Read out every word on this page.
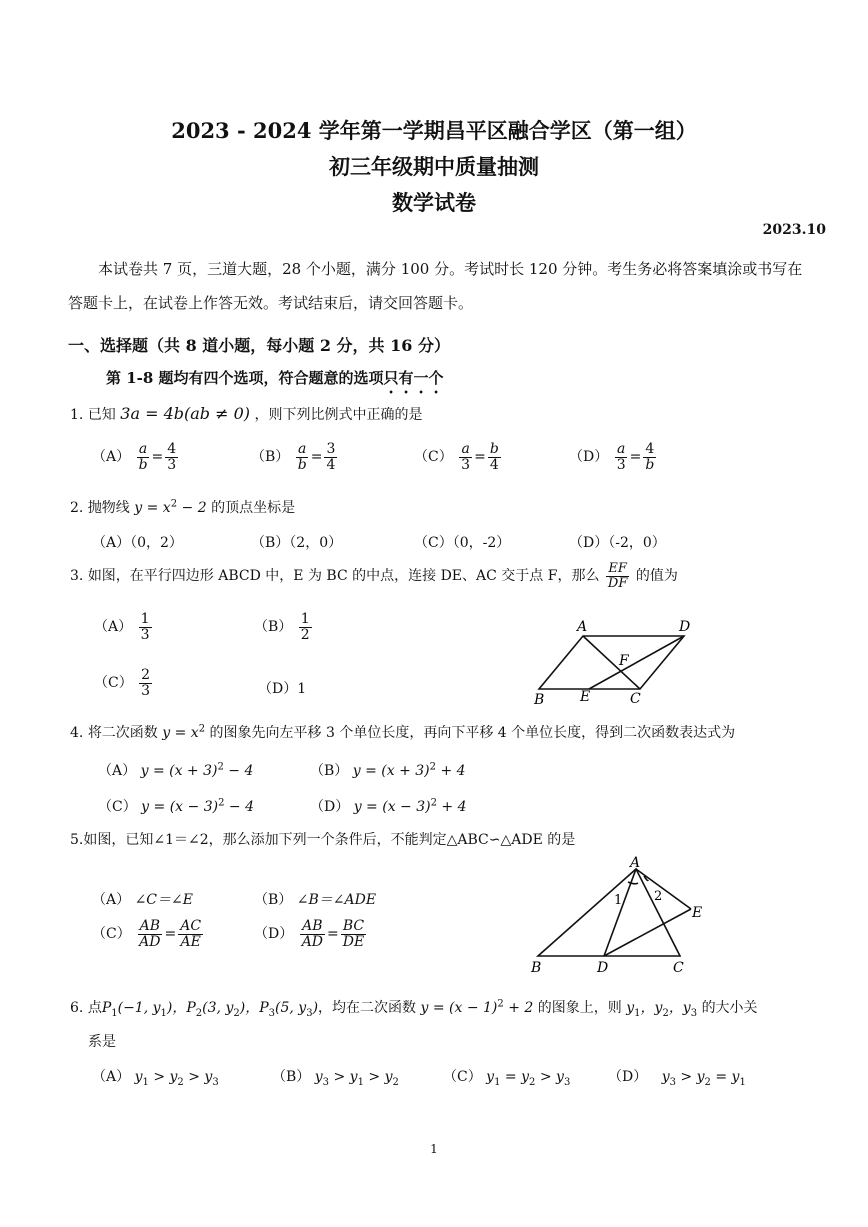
2023 - 2024 学年第一学期昌平区融合学区（第一组）
初三年级期中质量抽测
数学试卷
2023.10
本试卷共 7 页，三道大题，28 个小题，满分 100 分。考试时长 120 分钟。考生务必将答案填涂或书写在答题卡上，在试卷上作答无效。考试结束后，请交回答题卡。
一、选择题（共 8 道小题，每小题 2 分，共 16 分）
第 1-8 题均有四个选项，符合题意的选项只有一个
1. 已知 3a = 4b(ab ≠ 0) ，则下列比例式中正确的是
$(A) \frac{a}{b} = \frac{4}{3}$	$(B) \frac{a}{b} = \frac{3}{4}$	$(C) \frac{a}{3} = \frac{b}{4}$	$(D) \frac{a}{3} = \frac{4}{b}$
2. 抛物线 $y = x^2 - 2$ 的顶点坐标是
（A）（0，2）	（B）（2，0）	（C）（0，-2）	（D）（-2，0）
3. 如图，在平行四边形 ABCD 中，E 为 BC 的中点，连接 DE、AC 交于点 F，那么 $\frac{EF}{DF}$ 的值为
$(A) \frac{1}{3}$	$(B) \frac{1}{2}$
$(C) \frac{2}{3}$	（D）1
A	D
F
B	E	C
4. 将二次函数 $y = x^2$ 的图象先向左平移 3 个单位长度，再向下平移 4 个单位长度，得到二次函数表达式为
（A） $y = (x + 3)^2 - 4$	（B） $y = (x + 3)^2 + 4$
（C） $y = (x - 3)^2 - 4$	（D） $y = (x - 3)^2 + 4$
5.如图，已知∠1＝∠2，那么添加下列一个条件后，不能判定△ABC∽△ADE 的是
（A） ∠C＝∠E	（B） ∠B＝∠ADE
$(C) \frac{AB}{AD} = \frac{AC}{AE}$	$(D) \frac{AB}{AD} = \frac{BC}{DE}$
A
1 2
E
B	D	C
6. 点$P_1(-1$, $y_1$)，$P_2(3$, $y_2$)，$P_3(5$, $y_3$)，均在二次函数 $y = (x - 1)^2 + 2$ 的图象上，则 $y_1$，$y_2$，$y_3$ 的大小关
系是
（A） $y_1 > y_2 > y_3$	（B） $y_3 > y_1 > y_2$	（C） $y_1 = y_2 > y_3$	（D） $y_3 > y_2 = y_1$
1
